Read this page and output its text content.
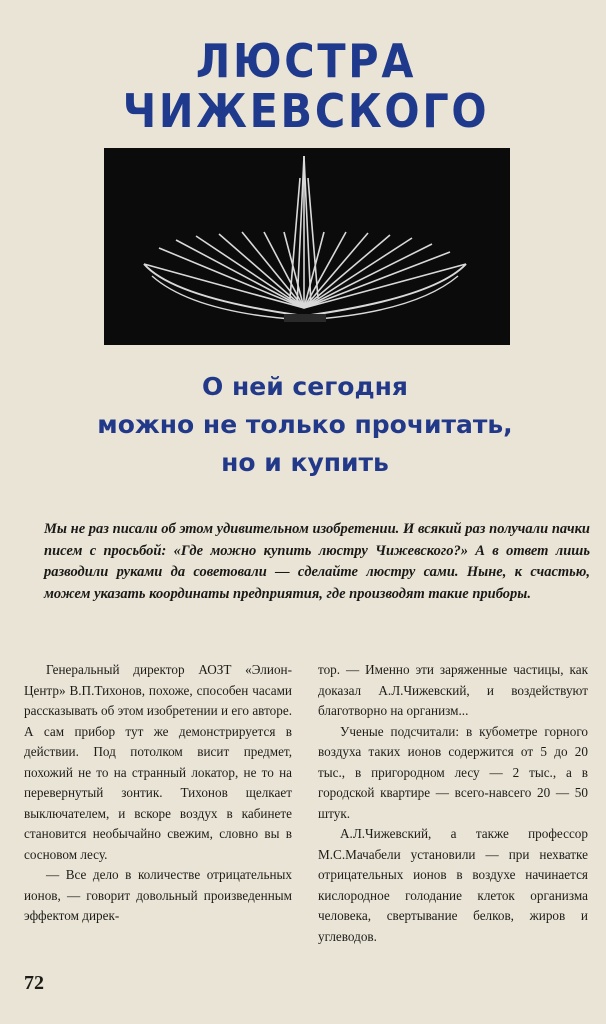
ЛЮСТРА ЧИЖЕВСКОГО
О ней сегодня
можно не только прочитать,
но и купить
Мы не раз писали об этом удивительном изобретении. И всякий раз получали пачки писем с просьбой: «Где можно купить люстру Чижевского?» А в ответ лишь разводили руками да советовали — сделайте люстру сами. Ныне, к счастью, можем указать координаты предприятия, где производят такие приборы.

Генеральный директор АОЗТ «Элион-Центр» В.П.Тихонов, похоже, способен часами рассказывать об этом изобретении и его авторе. А сам прибор тут же демонстрируется в действии. Под потолком висит предмет, похожий не то на странный локатор, не то на перевернутый зонтик. Тихонов щелкает выключателем, и вскоре воздух в кабинете становится необычайно свежим, словно вы в сосновом лесу.

— Все дело в количестве отрицательных ионов, — говорит довольный произведенным эффектом дирек-

тор. — Именно эти заряженные частицы, как доказал А.Л.Чижевский, и воздействуют благотворно на организм...

Ученые подсчитали: в кубометре горного воздуха таких ионов содержится от 5 до 20 тыс., в пригородном лесу — 2 тыс., а в городской квартире — всего-навсего 20 — 50 штук.

А.Л.Чижевский, а также профессор М.С.Мачабели установили — при нехватке отрицательных ионов в воздухе начинается кислородное голодание клеток организма человека, свертывание белков, жиров и углеводов.

72
